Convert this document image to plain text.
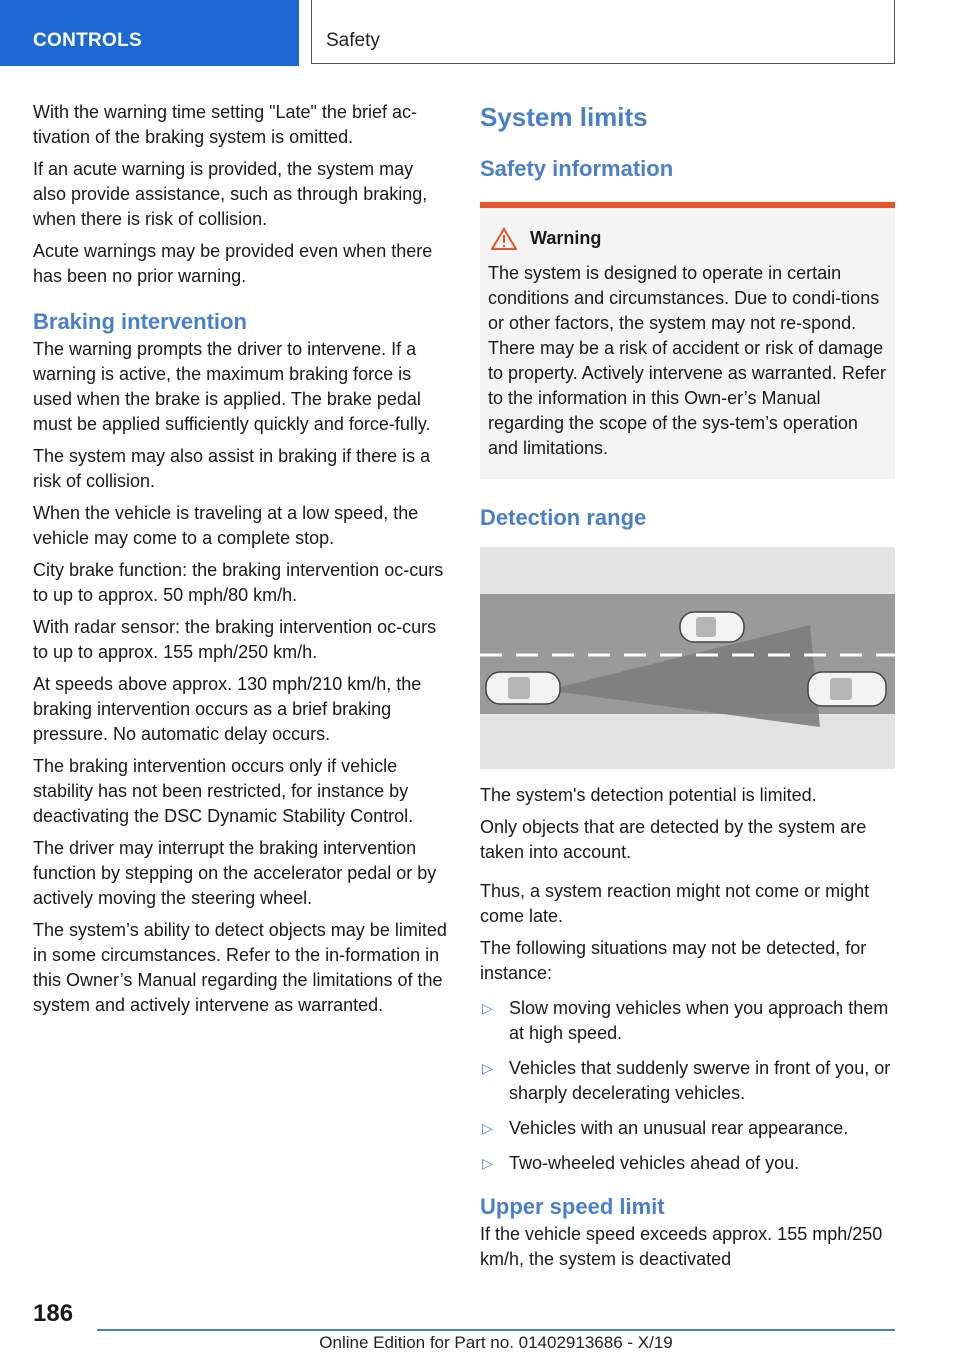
CONTROLS	Safety

With the warning time setting "Late" the brief ac-tivation of the braking system is omitted.

If an acute warning is provided, the system may also provide assistance, such as through braking, when there is risk of collision.

Acute warnings may be provided even when there has been no prior warning.

Braking intervention

The warning prompts the driver to intervene. If a warning is active, the maximum braking force is used when the brake is applied. The brake pedal must be applied sufficiently quickly and force-fully.

The system may also assist in braking if there is a risk of collision.

When the vehicle is traveling at a low speed, the vehicle may come to a complete stop.

City brake function: the braking intervention oc-curs to up to approx. 50 mph/80 km/h.

With radar sensor: the braking intervention oc-curs to up to approx. 155 mph/250 km/h.

At speeds above approx. 130 mph/210 km/h, the braking intervention occurs as a brief braking pressure. No automatic delay occurs.

The braking intervention occurs only if vehicle stability has not been restricted, for instance by deactivating the DSC Dynamic Stability Control.

The driver may interrupt the braking intervention function by stepping on the accelerator pedal or by actively moving the steering wheel.

The system’s ability to detect objects may be limited in some circumstances. Refer to the in-formation in this Owner’s Manual regarding the limitations of the system and actively intervene as warranted.

System limits
Safety information
Warning
The system is designed to operate in certain conditions and circumstances. Due to condi-tions or other factors, the system may not re-spond. There may be a risk of accident or risk of damage to property. Actively intervene as warranted. Refer to the information in this Own-er’s Manual regarding the scope of the sys-tem’s operation and limitations.
Detection range

The system's detection potential is limited.

Only objects that are detected by the system are taken into account.

Thus, a system reaction might not come or might come late.

The following situations may not be detected, for instance:

▷ Slow moving vehicles when you approach them at high speed.
▷ Vehicles that suddenly swerve in front of you, or sharply decelerating vehicles.
▷ Vehicles with an unusual rear appearance.
▷ Two-wheeled vehicles ahead of you.
Upper speed limit

If the vehicle speed exceeds approx. 155 mph/250 km/h, the system is deactivated

186
Online Edition for Part no. 01402913686 - X/19
